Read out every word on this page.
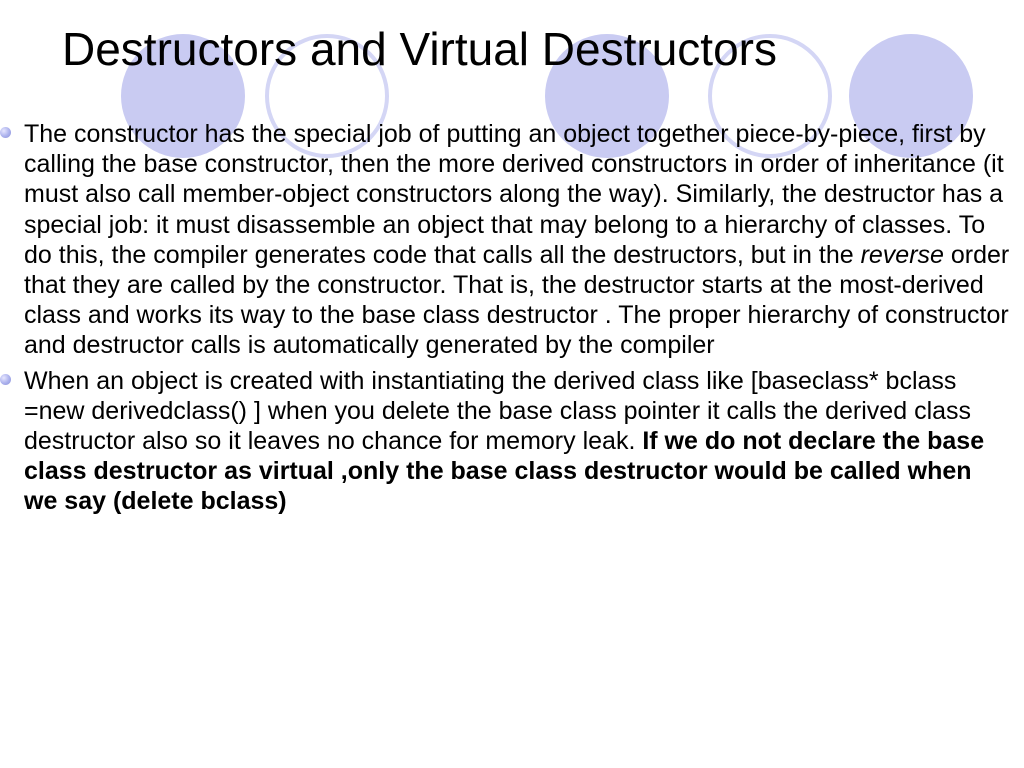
Destructors and Virtual Destructors
The constructor has the special job of putting an object together piece-by-piece, first by calling the base constructor, then the more derived constructors in order of inheritance (it must also call member-object constructors along the way). Similarly, the destructor has a special job: it must disassemble an object that may belong to a hierarchy of classes. To do this, the compiler generates code that calls all the destructors, but in the reverse order that they are called by the constructor. That is, the destructor starts at the most-derived class and works its way to the base class destructor . The proper hierarchy of constructor and destructor calls is automatically generated by the compiler
When an object is created with instantiating the derived class like [baseclass* bclass =new derivedclass() ] when you delete the base class pointer it calls the derived class destructor also so it leaves no chance for memory leak. If we do not declare the base class destructor as virtual ,only the base class destructor would be called when we say (delete bclass)
